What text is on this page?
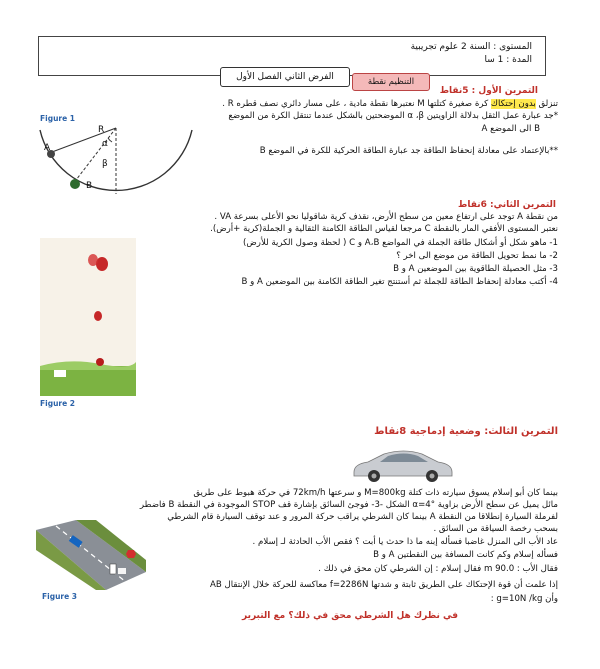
المستوى : السنة 2 علوم تجريبية
المدة : 1 سا
الفرض الثاني الفصل الأول	التنظيم نقطة
التمرين الأول : 5نقاط
تنزلق بدون إحتكاك كرة صغيرة كتلتها M نعتبرها نقطة مادية ، على مسار دائري نصف قطره R .
*جد عبارة عمل الثقل بدلالة الزاويتين α ،β الموضحتين بالشكل عندما تنتقل الكرة من الموضع
A الى الموضع B
**بالإعتماد على معادلة إنحفاظ الطاقة جد عبارة الطاقة الحركية للكرة في الموضع B
Figure 1
R
A	α
β
B
التمرين الثاني: 6نقاط
من نقطة A توجد على ارتفاع معين من سطح الأرض، نقذف كرية شاقوليا نحو الأعلى بسرعة VA .
نعتبر المستوى الأفقي المار بالنقطة C مرجعا لقياس الطاقة الكامنة الثقالية و الجملة(كرية +أرض).
1- ماهو شكل أو أشكال طاقة الجملة في المواضع A،B و C ( لحظة وصول الكرية للأرض)
2- ما نمط تحويل الطاقة من موضع الى اخر ؟
3- مثل الحصيلة الطاقوية بين الموضعين A و B
4- أكتب معادلة إنحفاظ الطاقة للجملة ثم أستنتج تغير الطاقة الكامنة بين الموضعين A و B
Figure 2
التمرين الثالث: وضعية إدماجية 8نقاط
بينما كان أبو إسلام يسوق سيارته ذات كتلة M=800kg و سرعتها 72km/h في حركة هبوط على طريق
مائل يميل عن سطح الأرض بزاوية α=4° الشكل -3- فوجئ السائق بإشارة قف STOP الموجودة في النقطة B فاضطر
لفرملة السيارة إنطلاقا من النقطة A بينما كان الشرطي يراقب حركة المرور و عند توقف السيارة قام الشرطي
بسحب رخصة السياقة من السائق .
عاد الأب الى المنزل غاضبا فسأله إبنه ما ذا حدث يا أبت ؟ فقص الأب الحادثة لـ إسلام .
فسأله إسلام وكم كانت المسافة بين النقطتين A و B
فقال الأب : 90.0 m فقال إسلام : إن الشرطي كان محق في ذلك .
إذا علمت أن قوة الإحتكاك على الطريق ثابتة و شدتها f=2286N معاكسة للحركة خلال الإنتقال AB
وأن g=10N /kg :
في نظرك هل الشرطي محق في ذلك؟ مع التبرير
Figure 3
